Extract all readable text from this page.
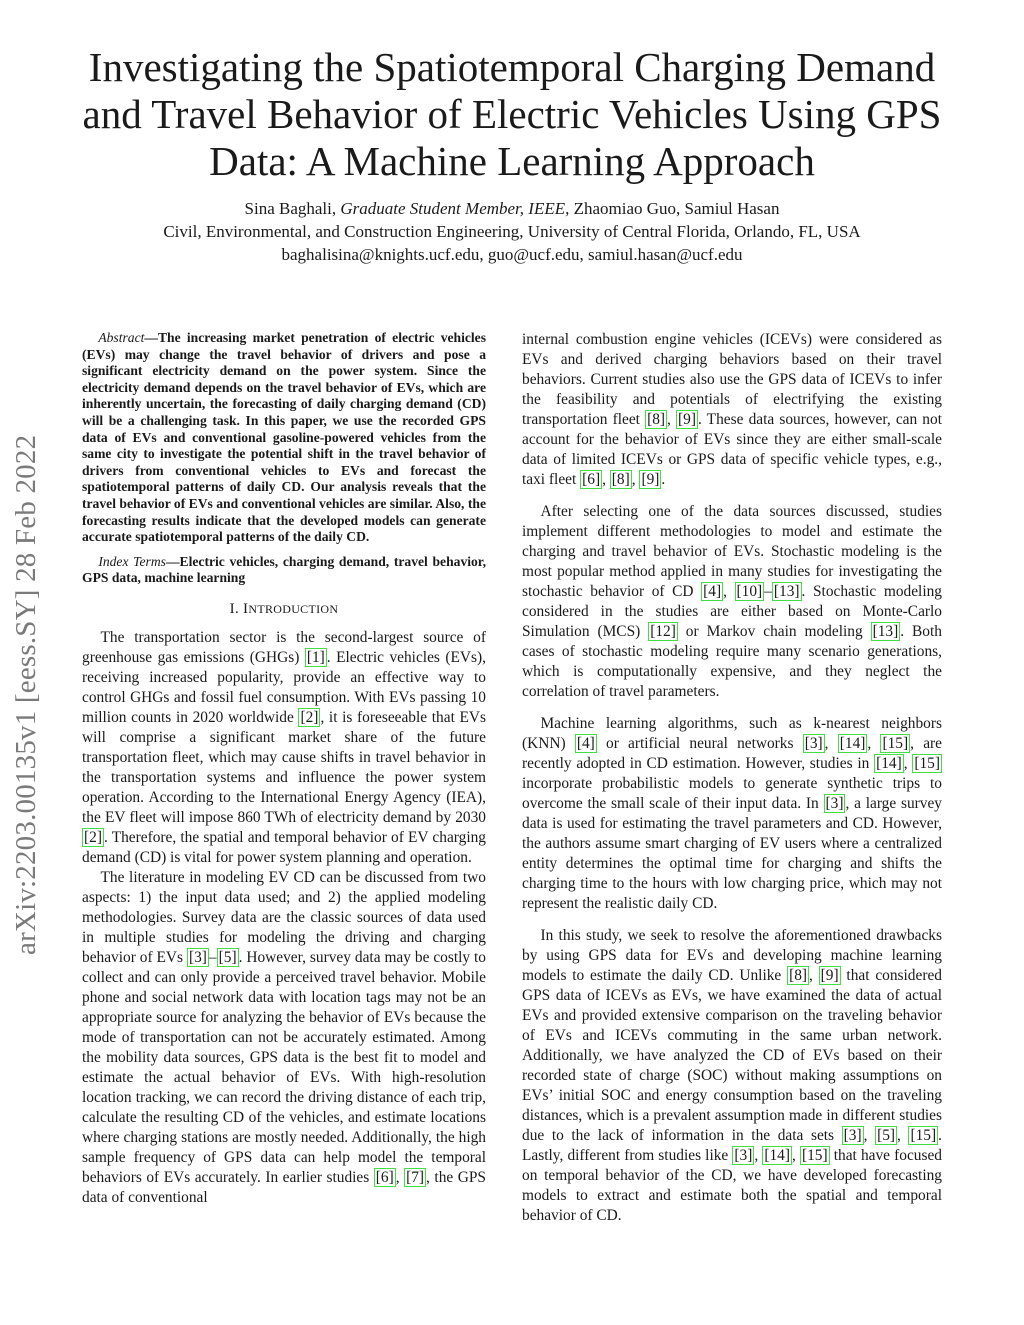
arXiv:2203.00135v1 [eess.SY] 28 Feb 2022
Investigating the Spatiotemporal Charging Demand and Travel Behavior of Electric Vehicles Using GPS Data: A Machine Learning Approach
Sina Baghali, Graduate Student Member, IEEE, Zhaomiao Guo, Samiul Hasan
Civil, Environmental, and Construction Engineering, University of Central Florida, Orlando, FL, USA
baghalisina@knights.ucf.edu, guo@ucf.edu, samiul.hasan@ucf.edu

Abstract—The increasing market penetration of electric vehicles (EVs) may change the travel behavior of drivers and pose a significant electricity demand on the power system. Since the electricity demand depends on the travel behavior of EVs, which are inherently uncertain, the forecasting of daily charging demand (CD) will be a challenging task. In this paper, we use the recorded GPS data of EVs and conventional gasoline-powered vehicles from the same city to investigate the potential shift in the travel behavior of drivers from conventional vehicles to EVs and forecast the spatiotemporal patterns of daily CD. Our analysis reveals that the travel behavior of EVs and conventional vehicles are similar. Also, the forecasting results indicate that the developed models can generate accurate spatiotemporal patterns of the daily CD.

Index Terms—Electric vehicles, charging demand, travel behavior, GPS data, machine learning

I. INTRODUCTION

The transportation sector is the second-largest source of greenhouse gas emissions (GHGs) [1] . Electric vehicles (EVs), receiving increased popularity, provide an effective way to control GHGs and fossil fuel consumption. With EVs passing 10 million counts in 2020 worldwide [2] , it is foreseeable that EVs will comprise a significant market share of the future transportation fleet, which may cause shifts in travel behavior in the transportation systems and influence the power system operation. According to the International Energy Agency (IEA), the EV fleet will impose 860 TWh of electricity demand by 2030 [2] . Therefore, the spatial and temporal behavior of EV charging demand (CD) is vital for power system planning and operation.

The literature in modeling EV CD can be discussed from two aspects: 1) the input data used; and 2) the applied modeling methodologies. Survey data are the classic sources of data used in multiple studies for modeling the driving and charging behavior of EVs [3] – [5] . However, survey data may be costly to collect and can only provide a perceived travel behavior. Mobile phone and social network data with location tags may not be an appropriate source for analyzing the behavior of EVs because the mode of transportation can not be accurately estimated. Among the mobility data sources, GPS data is the best fit to model and estimate the actual behavior of EVs. With high-resolution location tracking, we can record the driving distance of each trip, calculate the resulting CD of the vehicles, and estimate locations where charging stations are mostly needed. Additionally, the high sample frequency of GPS data can help model the temporal behaviors of EVs accurately. In earlier studies [6] , [7] , the GPS data of conventional

internal combustion engine vehicles (ICEVs) were considered as EVs and derived charging behaviors based on their travel behaviors. Current studies also use the GPS data of ICEVs to infer the feasibility and potentials of electrifying the existing transportation fleet [8] , [9] . These data sources, however, can not account for the behavior of EVs since they are either small-scale data of limited ICEVs or GPS data of specific vehicle types, e.g., taxi fleet [6] , [8] , [9] .

After selecting one of the data sources discussed, studies implement different methodologies to model and estimate the charging and travel behavior of EVs. Stochastic modeling is the most popular method applied in many studies for investigating the stochastic behavior of CD [4] , [10] – [13] . Stochastic modeling considered in the studies are either based on Monte-Carlo Simulation (MCS) [12] or Markov chain modeling [13] . Both cases of stochastic modeling require many scenario generations, which is computationally expensive, and they neglect the correlation of travel parameters.

Machine learning algorithms, such as k-nearest neighbors (KNN) [4] or artificial neural networks [3] , [14] , [15] , are recently adopted in CD estimation. However, studies in [14] , [15] incorporate probabilistic models to generate synthetic trips to overcome the small scale of their input data. In [3] , a large survey data is used for estimating the travel parameters and CD. However, the authors assume smart charging of EV users where a centralized entity determines the optimal time for charging and shifts the charging time to the hours with low charging price, which may not represent the realistic daily CD.

In this study, we seek to resolve the aforementioned drawbacks by using GPS data for EVs and developing machine learning models to estimate the daily CD. Unlike [8] , [9] that considered GPS data of ICEVs as EVs, we have examined the data of actual EVs and provided extensive comparison on the traveling behavior of EVs and ICEVs commuting in the same urban network. Additionally, we have analyzed the CD of EVs based on their recorded state of charge (SOC) without making assumptions on EVs’ initial SOC and energy consumption based on the traveling distances, which is a prevalent assumption made in different studies due to the lack of information in the data sets [3] , [5] , [15] . Lastly, different from studies like [3] , [14] , [15] that have focused on temporal behavior of the CD, we have developed forecasting models to extract and estimate both the spatial and temporal behavior of CD.
